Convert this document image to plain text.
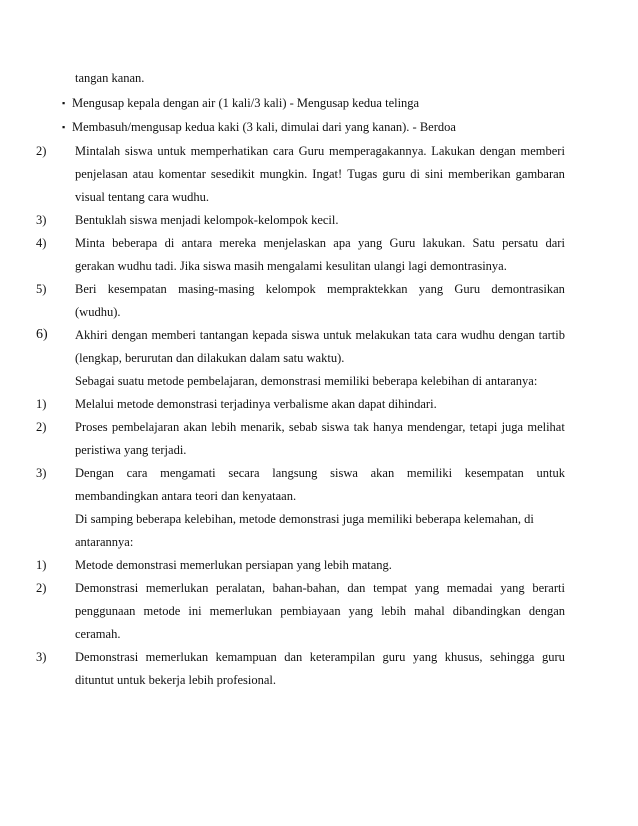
tangan kanan.
▪ Mengusap kepala dengan air (1 kali/3 kali) - Mengusap kedua telinga
▪ Membasuh/mengusap kedua kaki (3 kali, dimulai dari yang kanan). - Berdoa
2)	Mintalah siswa untuk memperhatikan cara Guru memperagakannya. Lakukan dengan memberi
penjelasan atau komentar sesedikit mungkin. Ingat! Tugas guru di sini memberikan gambaran
visual tentang cara wudhu.
3)	Bentuklah siswa menjadi kelompok-kelompok kecil.
4)	Minta beberapa di antara mereka menjelaskan apa yang Guru lakukan. Satu persatu dari
gerakan wudhu tadi. Jika siswa masih mengalami kesulitan ulangi lagi demontrasinya.
5)	Beri kesempatan masing-masing kelompok mempraktekkan yang Guru demontrasikan
(wudhu).
6)	Akhiri dengan memberi tantangan kepada siswa untuk melakukan tata cara wudhu dengan tartib
(lengkap, berurutan dan dilakukan dalam satu waktu).
Sebagai suatu metode pembelajaran, demonstrasi memiliki beberapa kelebihan di antaranya:
1)	Melalui metode demonstrasi terjadinya verbalisme akan dapat dihindari.
2)	Proses pembelajaran akan lebih menarik, sebab siswa tak hanya mendengar, tetapi juga melihat
peristiwa yang terjadi.
3)	Dengan cara mengamati secara langsung siswa akan memiliki kesempatan untuk
membandingkan antara teori dan kenyataan.
Di samping beberapa kelebihan, metode demonstrasi juga memiliki beberapa kelemahan, di
antarannya:
1)	Metode demonstrasi memerlukan persiapan yang lebih matang.
2)	Demonstrasi memerlukan peralatan, bahan-bahan, dan tempat yang memadai yang berarti
penggunaan metode ini memerlukan pembiayaan yang lebih mahal dibandingkan dengan
ceramah.
3)	Demonstrasi memerlukan kemampuan dan keterampilan guru yang khusus, sehingga guru
dituntut untuk bekerja lebih profesional.
